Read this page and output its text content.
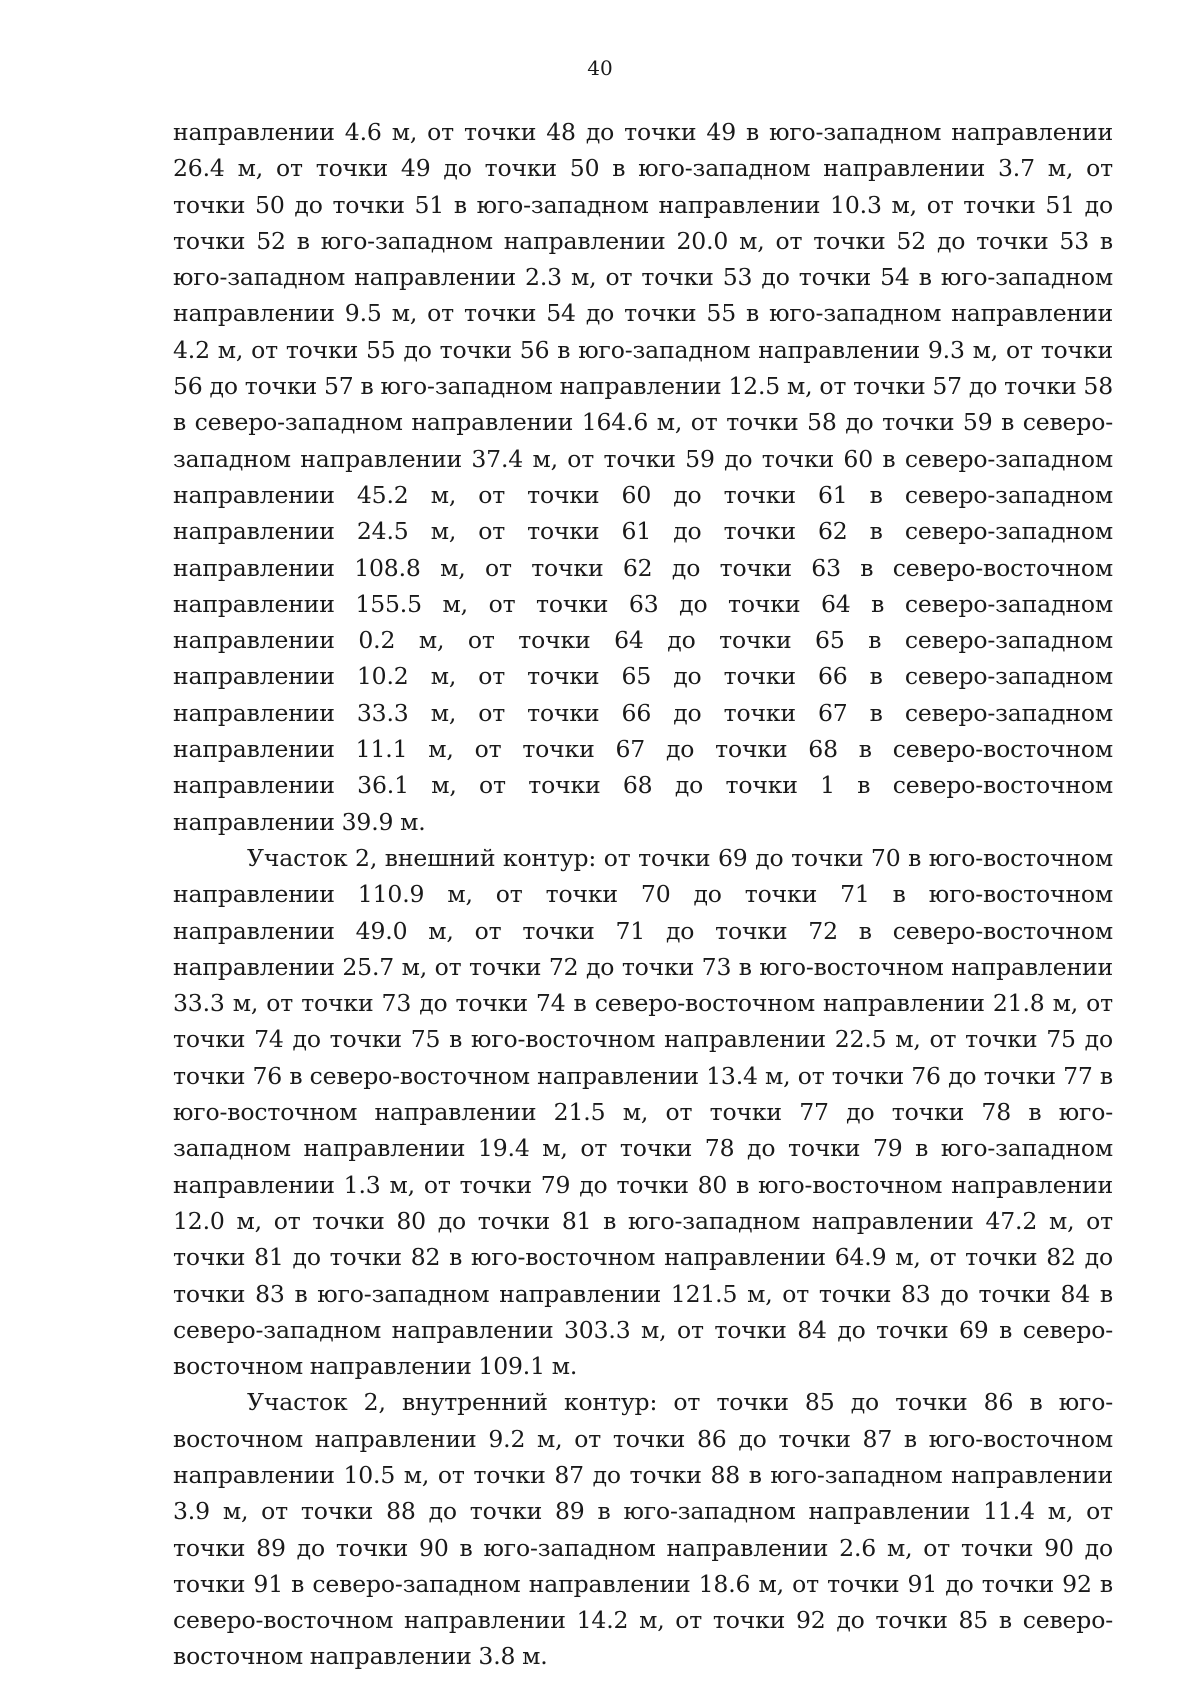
40

направлении 4.6 м, от точки 48 до точки 49 в юго-западном направлении 26.4 м, от точки 49 до точки 50 в юго-западном направлении 3.7 м, от точки 50 до точки 51 в юго-западном направлении 10.3 м, от точки 51 до точки 52 в юго-западном направлении 20.0 м, от точки 52 до точки 53 в юго-западном направлении 2.3 м, от точки 53 до точки 54 в юго-западном направлении 9.5 м, от точки 54 до точки 55 в юго-западном направлении 4.2 м, от точки 55 до точки 56 в юго-западном направлении 9.3 м, от точки 56 до точки 57 в юго-западном направлении 12.5 м, от точки 57 до точки 58 в северо-западном направлении 164.6 м, от точки 58 до точки 59 в северо-западном направлении 37.4 м, от точки 59 до точки 60 в северо-западном направлении 45.2 м, от точки 60 до точки 61 в северо-западном направлении 24.5 м, от точки 61 до точки 62 в северо-западном направлении 108.8 м, от точки 62 до точки 63 в северо-восточном направлении 155.5 м, от точки 63 до точки 64 в северо-западном направлении 0.2 м, от точки 64 до точки 65 в северо-западном направлении 10.2 м, от точки 65 до точки 66 в северо-западном направлении 33.3 м, от точки 66 до точки 67 в северо-западном направлении 11.1 м, от точки 67 до точки 68 в северо-восточном направлении 36.1 м, от точки 68 до точки 1 в северо-восточном направлении 39.9 м.

Участок 2, внешний контур: от точки 69 до точки 70 в юго-восточном направлении 110.9 м, от точки 70 до точки 71 в юго-восточном направлении 49.0 м, от точки 71 до точки 72 в северо-восточном направлении 25.7 м, от точки 72 до точки 73 в юго-восточном направлении 33.3 м, от точки 73 до точки 74 в северо-восточном направлении 21.8 м, от точки 74 до точки 75 в юго-восточном направлении 22.5 м, от точки 75 до точки 76 в северо-восточном направлении 13.4 м, от точки 76 до точки 77 в юго-восточном направлении 21.5 м, от точки 77 до точки 78 в юго-западном направлении 19.4 м, от точки 78 до точки 79 в юго-западном направлении 1.3 м, от точки 79 до точки 80 в юго-восточном направлении 12.0 м, от точки 80 до точки 81 в юго-западном направлении 47.2 м, от точки 81 до точки 82 в юго-восточном направлении 64.9 м, от точки 82 до точки 83 в юго-западном направлении 121.5 м, от точки 83 до точки 84 в северо-западном направлении 303.3 м, от точки 84 до точки 69 в северо-восточном направлении 109.1 м.

Участок 2, внутренний контур: от точки 85 до точки 86 в юго-восточном направлении 9.2 м, от точки 86 до точки 87 в юго-восточном направлении 10.5 м, от точки 87 до точки 88 в юго-западном направлении 3.9 м, от точки 88 до точки 89 в юго-западном направлении 11.4 м, от точки 89 до точки 90 в юго-западном направлении 2.6 м, от точки 90 до точки 91 в северо-западном направлении 18.6 м, от точки 91 до точки 92 в северо-восточном направлении 14.2 м, от точки 92 до точки 85 в северо-восточном направлении 3.8 м.
